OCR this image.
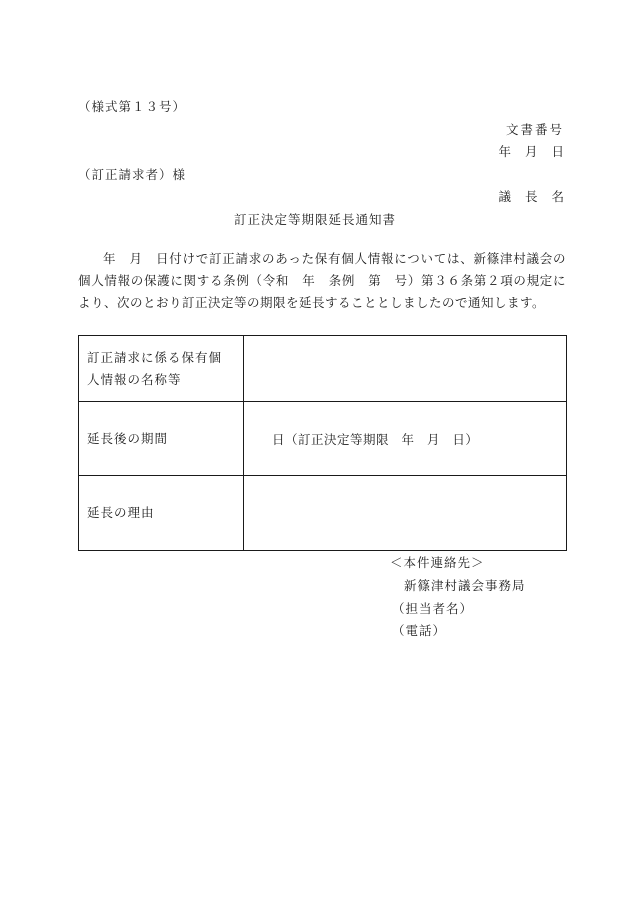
（様式第１３号）
文書番号
年 月 日
（訂正請求者）様
議 長 名
訂正決定等期限延長通知書
年　月　日付けで訂正請求のあった保有個人情報については、新篠津村議会の個人情報の保護に関する条例（令和　年　条例　第　号）第３６条第２項の規定により、次のとおり訂正決定等の期限を延長することとしましたので通知します。
訂正請求に係る保有個人情報の名称等	
延長後の期間	日（訂正決定等期限 年 月 日）
延長の理由	
＜本件連絡先＞
新篠津村議会事務局
（担当者名）
（電話）
